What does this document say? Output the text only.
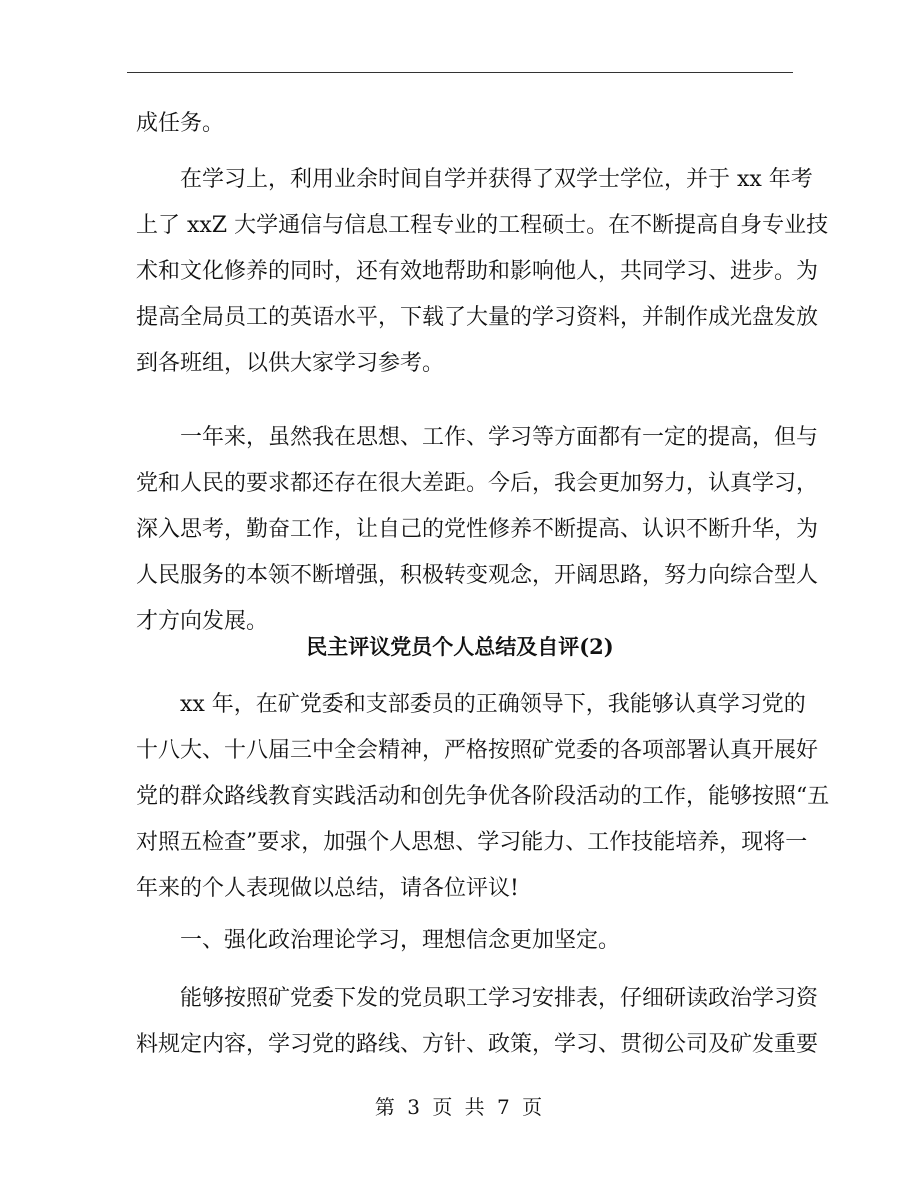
成任务。
在学习上，利用业余时间自学并获得了双学士学位，并于 xx 年考
上了 xxZ 大学通信与信息工程专业的工程硕士。在不断提高自身专业技
术和文化修养的同时，还有效地帮助和影响他人，共同学习、进步。为
提高全局员工的英语水平，下载了大量的学习资料，并制作成光盘发放
到各班组，以供大家学习参考。
一年来，虽然我在思想、工作、学习等方面都有一定的提高，但与
党和人民的要求都还存在很大差距。今后，我会更加努力，认真学习，
深入思考，勤奋工作，让自己的党性修养不断提高、认识不断升华，为
人民服务的本领不断增强，积极转变观念，开阔思路，努力向综合型人
才方向发展。
民主评议党员个人总结及自评(2)
xx 年，在矿党委和支部委员的正确领导下，我能够认真学习党的
十八大、十八届三中全会精神，严格按照矿党委的各项部署认真开展好
党的群众路线教育实践活动和创先争优各阶段活动的工作，能够按照“五
对照五检查”要求，加强个人思想、学习能力、工作技能培养，现将一
年来的个人表现做以总结，请各位评议!
一、强化政治理论学习，理想信念更加坚定。
能够按照矿党委下发的党员职工学习安排表，仔细研读政治学习资
料规定内容，学习党的路线、方针、政策，学习、贯彻公司及矿发重要
第 3 页 共 7 页
